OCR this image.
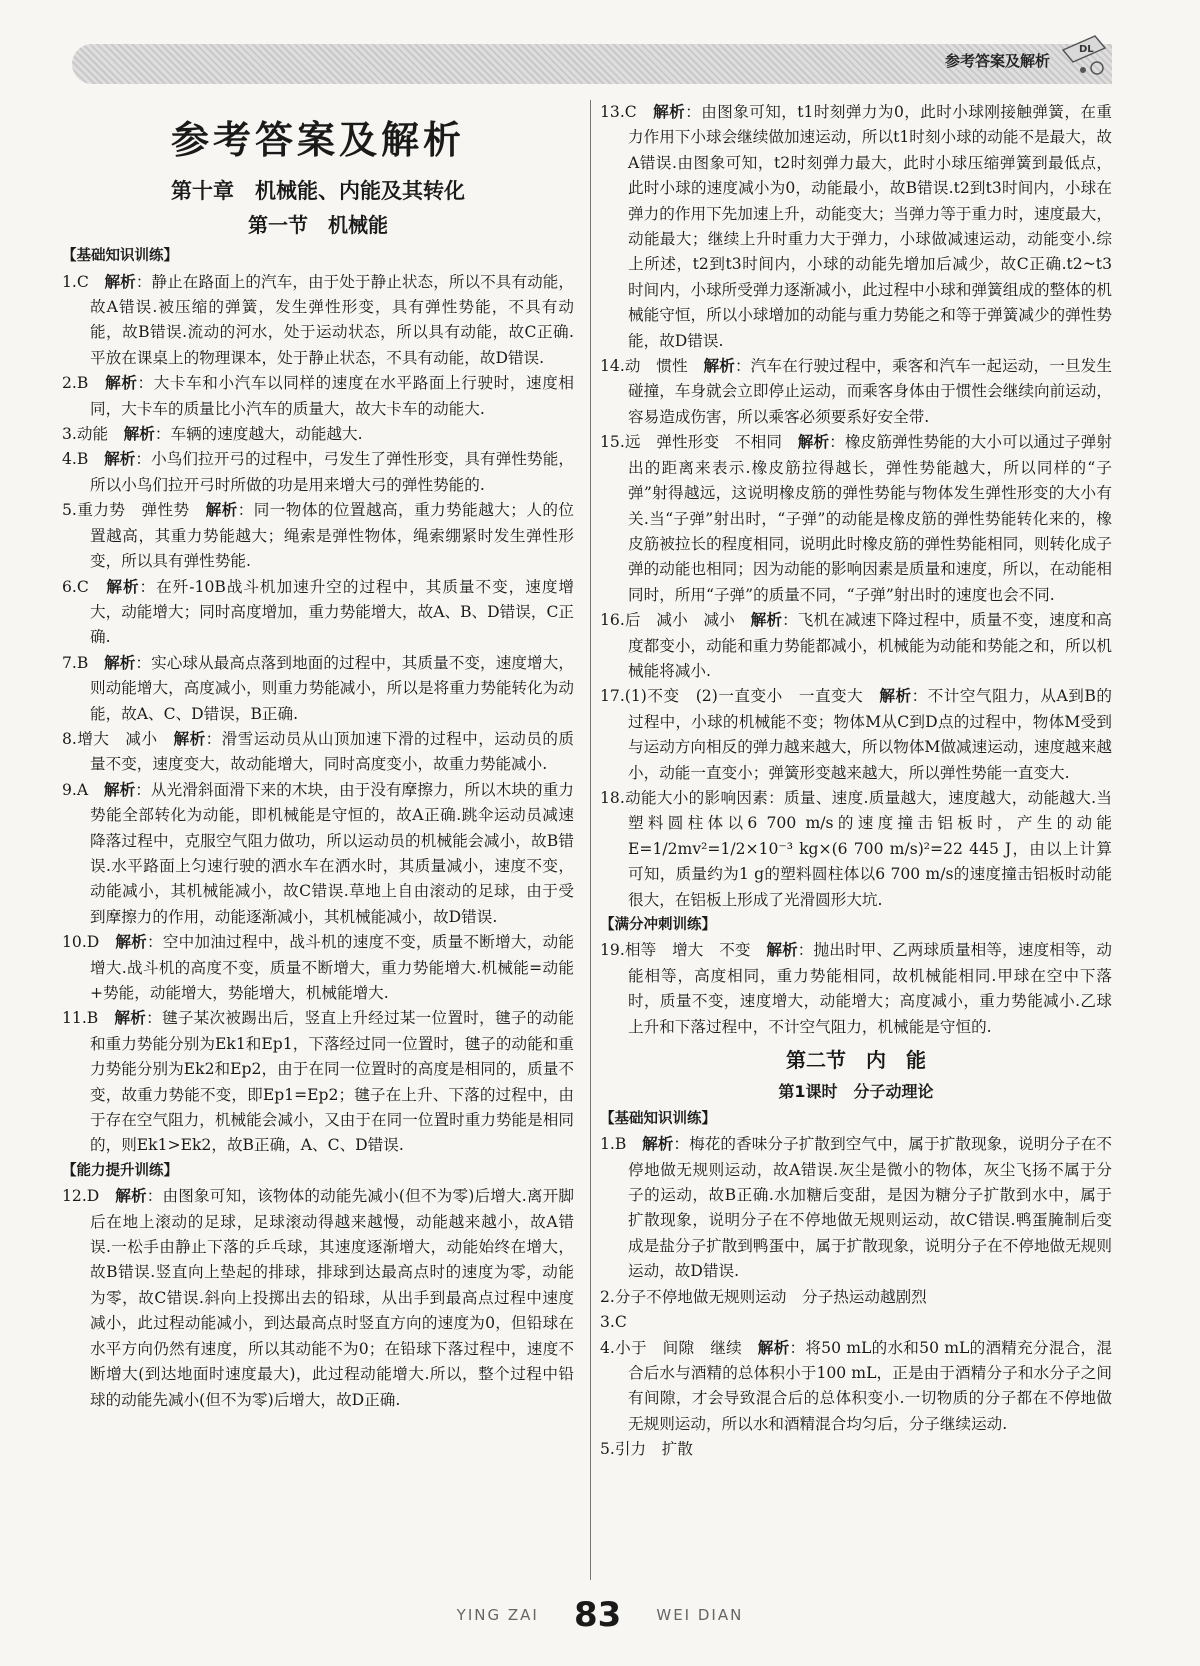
参考答案及解析
DL
参考答案及解析
第十章　机械能、内能及其转化
第一节　机械能
【基础知识训练】

1.C　解析：静止在路面上的汽车，由于处于静止状态，所以不具有动能，故A错误.被压缩的弹簧，发生弹性形变，具有弹性势能，不具有动能，故B错误.流动的河水，处于运动状态，所以具有动能，故C正确.平放在课桌上的物理课本，处于静止状态，不具有动能，故D错误.

2.B　解析：大卡车和小汽车以同样的速度在水平路面上行驶时，速度相同，大卡车的质量比小汽车的质量大，故大卡车的动能大.

3.动能　解析：车辆的速度越大，动能越大.

4.B　解析：小鸟们拉开弓的过程中，弓发生了弹性形变，具有弹性势能，所以小鸟们拉开弓时所做的功是用来增大弓的弹性势能的.

5.重力势　弹性势　解析：同一物体的位置越高，重力势能越大；人的位置越高，其重力势能越大；绳索是弹性物体，绳索绷紧时发生弹性形变，所以具有弹性势能.

6.C　解析：在歼-10B战斗机加速升空的过程中，其质量不变，速度增大，动能增大；同时高度增加，重力势能增大，故A、B、D错误，C正确.

7.B　解析：实心球从最高点落到地面的过程中，其质量不变，速度增大，则动能增大，高度减小，则重力势能减小，所以是将重力势能转化为动能，故A、C、D错误，B正确.

8.增大　减小　解析：滑雪运动员从山顶加速下滑的过程中，运动员的质量不变，速度变大，故动能增大，同时高度变小，故重力势能减小.

9.A　解析：从光滑斜面滑下来的木块，由于没有摩擦力，所以木块的重力势能全部转化为动能，即机械能是守恒的，故A正确.跳伞运动员减速降落过程中，克服空气阻力做功，所以运动员的机械能会减小，故B错误.水平路面上匀速行驶的洒水车在洒水时，其质量减小，速度不变，动能减小，其机械能减小，故C错误.草地上自由滚动的足球，由于受到摩擦力的作用，动能逐渐减小，其机械能减小，故D错误.

10.D　解析：空中加油过程中，战斗机的速度不变，质量不断增大，动能增大.战斗机的高度不变，质量不断增大，重力势能增大.机械能=动能+势能，动能增大，势能增大，机械能增大.

11.B　解析：毽子某次被踢出后，竖直上升经过某一位置时，毽子的动能和重力势能分别为Ek1和Ep1，下落经过同一位置时，毽子的动能和重力势能分别为Ek2和Ep2，由于在同一位置时的高度是相同的，质量不变，故重力势能不变，即Ep1=Ep2；毽子在上升、下落的过程中，由于存在空气阻力，机械能会减小，又由于在同一位置时重力势能是相同的，则Ek1>Ek2，故B正确，A、C、D错误.

【能力提升训练】

12.D　解析：由图象可知，该物体的动能先减小(但不为零)后增大.离开脚后在地上滚动的足球，足球滚动得越来越慢，动能越来越小，故A错误.一松手由静止下落的乒乓球，其速度逐渐增大，动能始终在增大，故B错误.竖直向上垫起的排球，排球到达最高点时的速度为零，动能为零，故C错误.斜向上投掷出去的铅球，从出手到最高点过程中速度减小，此过程动能减小，到达最高点时竖直方向的速度为0，但铅球在水平方向仍然有速度，所以其动能不为0；在铅球下落过程中，速度不断增大(到达地面时速度最大)，此过程动能增大.所以，整个过程中铅球的动能先减小(但不为零)后增大，故D正确.

13.C　解析：由图象可知，t1时刻弹力为0，此时小球刚接触弹簧，在重力作用下小球会继续做加速运动，所以t1时刻小球的动能不是最大，故A错误.由图象可知，t2时刻弹力最大，此时小球压缩弹簧到最低点，此时小球的速度减小为0，动能最小，故B错误.t2到t3时间内，小球在弹力的作用下先加速上升，动能变大；当弹力等于重力时，速度最大，动能最大；继续上升时重力大于弹力，小球做减速运动，动能变小.综上所述，t2到t3时间内，小球的动能先增加后减少，故C正确.t2~t3时间内，小球所受弹力逐渐减小，此过程中小球和弹簧组成的整体的机械能守恒，所以小球增加的动能与重力势能之和等于弹簧减少的弹性势能，故D错误.

14.动　惯性　解析：汽车在行驶过程中，乘客和汽车一起运动，一旦发生碰撞，车身就会立即停止运动，而乘客身体由于惯性会继续向前运动，容易造成伤害，所以乘客必须要系好安全带.

15.远　弹性形变　不相同　解析：橡皮筋弹性势能的大小可以通过子弹射出的距离来表示.橡皮筋拉得越长，弹性势能越大，所以同样的“子弹”射得越远，这说明橡皮筋的弹性势能与物体发生弹性形变的大小有关.当“子弹”射出时，“子弹”的动能是橡皮筋的弹性势能转化来的，橡皮筋被拉长的程度相同，说明此时橡皮筋的弹性势能相同，则转化成子弹的动能也相同；因为动能的影响因素是质量和速度，所以，在动能相同时，所用“子弹”的质量不同，“子弹”射出时的速度也会不同.

16.后　减小　减小　解析：飞机在减速下降过程中，质量不变，速度和高度都变小，动能和重力势能都减小，机械能为动能和势能之和，所以机械能将减小.

17.(1)不变　(2)一直变小　一直变大　解析：不计空气阻力，从A到B的过程中，小球的机械能不变；物体M从C到D点的过程中，物体M受到与运动方向相反的弹力越来越大，所以物体M做减速运动，速度越来越小，动能一直变小；弹簧形变越来越大，所以弹性势能一直变大.

18.动能大小的影响因素：质量、速度.质量越大，速度越大，动能越大.当塑料圆柱体以6 700 m/s的速度撞击铝板时，产生的动能E=1/2mv²=1/2×10⁻³ kg×(6 700 m/s)²=22 445 J，由以上计算可知，质量约为1 g的塑料圆柱体以6 700 m/s的速度撞击铝板时动能很大，在铝板上形成了光滑圆形大坑.

【满分冲刺训练】

19.相等　增大　不变　解析：抛出时甲、乙两球质量相等，速度相等，动能相等，高度相同，重力势能相同，故机械能相同.甲球在空中下落时，质量不变，速度增大，动能增大；高度减小，重力势能减小.乙球上升和下落过程中，不计空气阻力，机械能是守恒的.

第二节　内　能
第1课时　分子动理论
【基础知识训练】

1.B　解析：梅花的香味分子扩散到空气中，属于扩散现象，说明分子在不停地做无规则运动，故A错误.灰尘是微小的物体，灰尘飞扬不属于分子的运动，故B正确.水加糖后变甜，是因为糖分子扩散到水中，属于扩散现象，说明分子在不停地做无规则运动，故C错误.鸭蛋腌制后变成是盐分子扩散到鸭蛋中，属于扩散现象，说明分子在不停地做无规则运动，故D错误.

2.分子不停地做无规则运动　分子热运动越剧烈

3.C

4.小于　间隙　继续　解析：将50 mL的水和50 mL的酒精充分混合，混合后水与酒精的总体积小于100 mL，正是由于酒精分子和水分子之间有间隙，才会导致混合后的总体积变小.一切物质的分子都在不停地做无规则运动，所以水和酒精混合均匀后，分子继续运动.

5.引力　扩散

YING ZAI 83 WEI DIAN
